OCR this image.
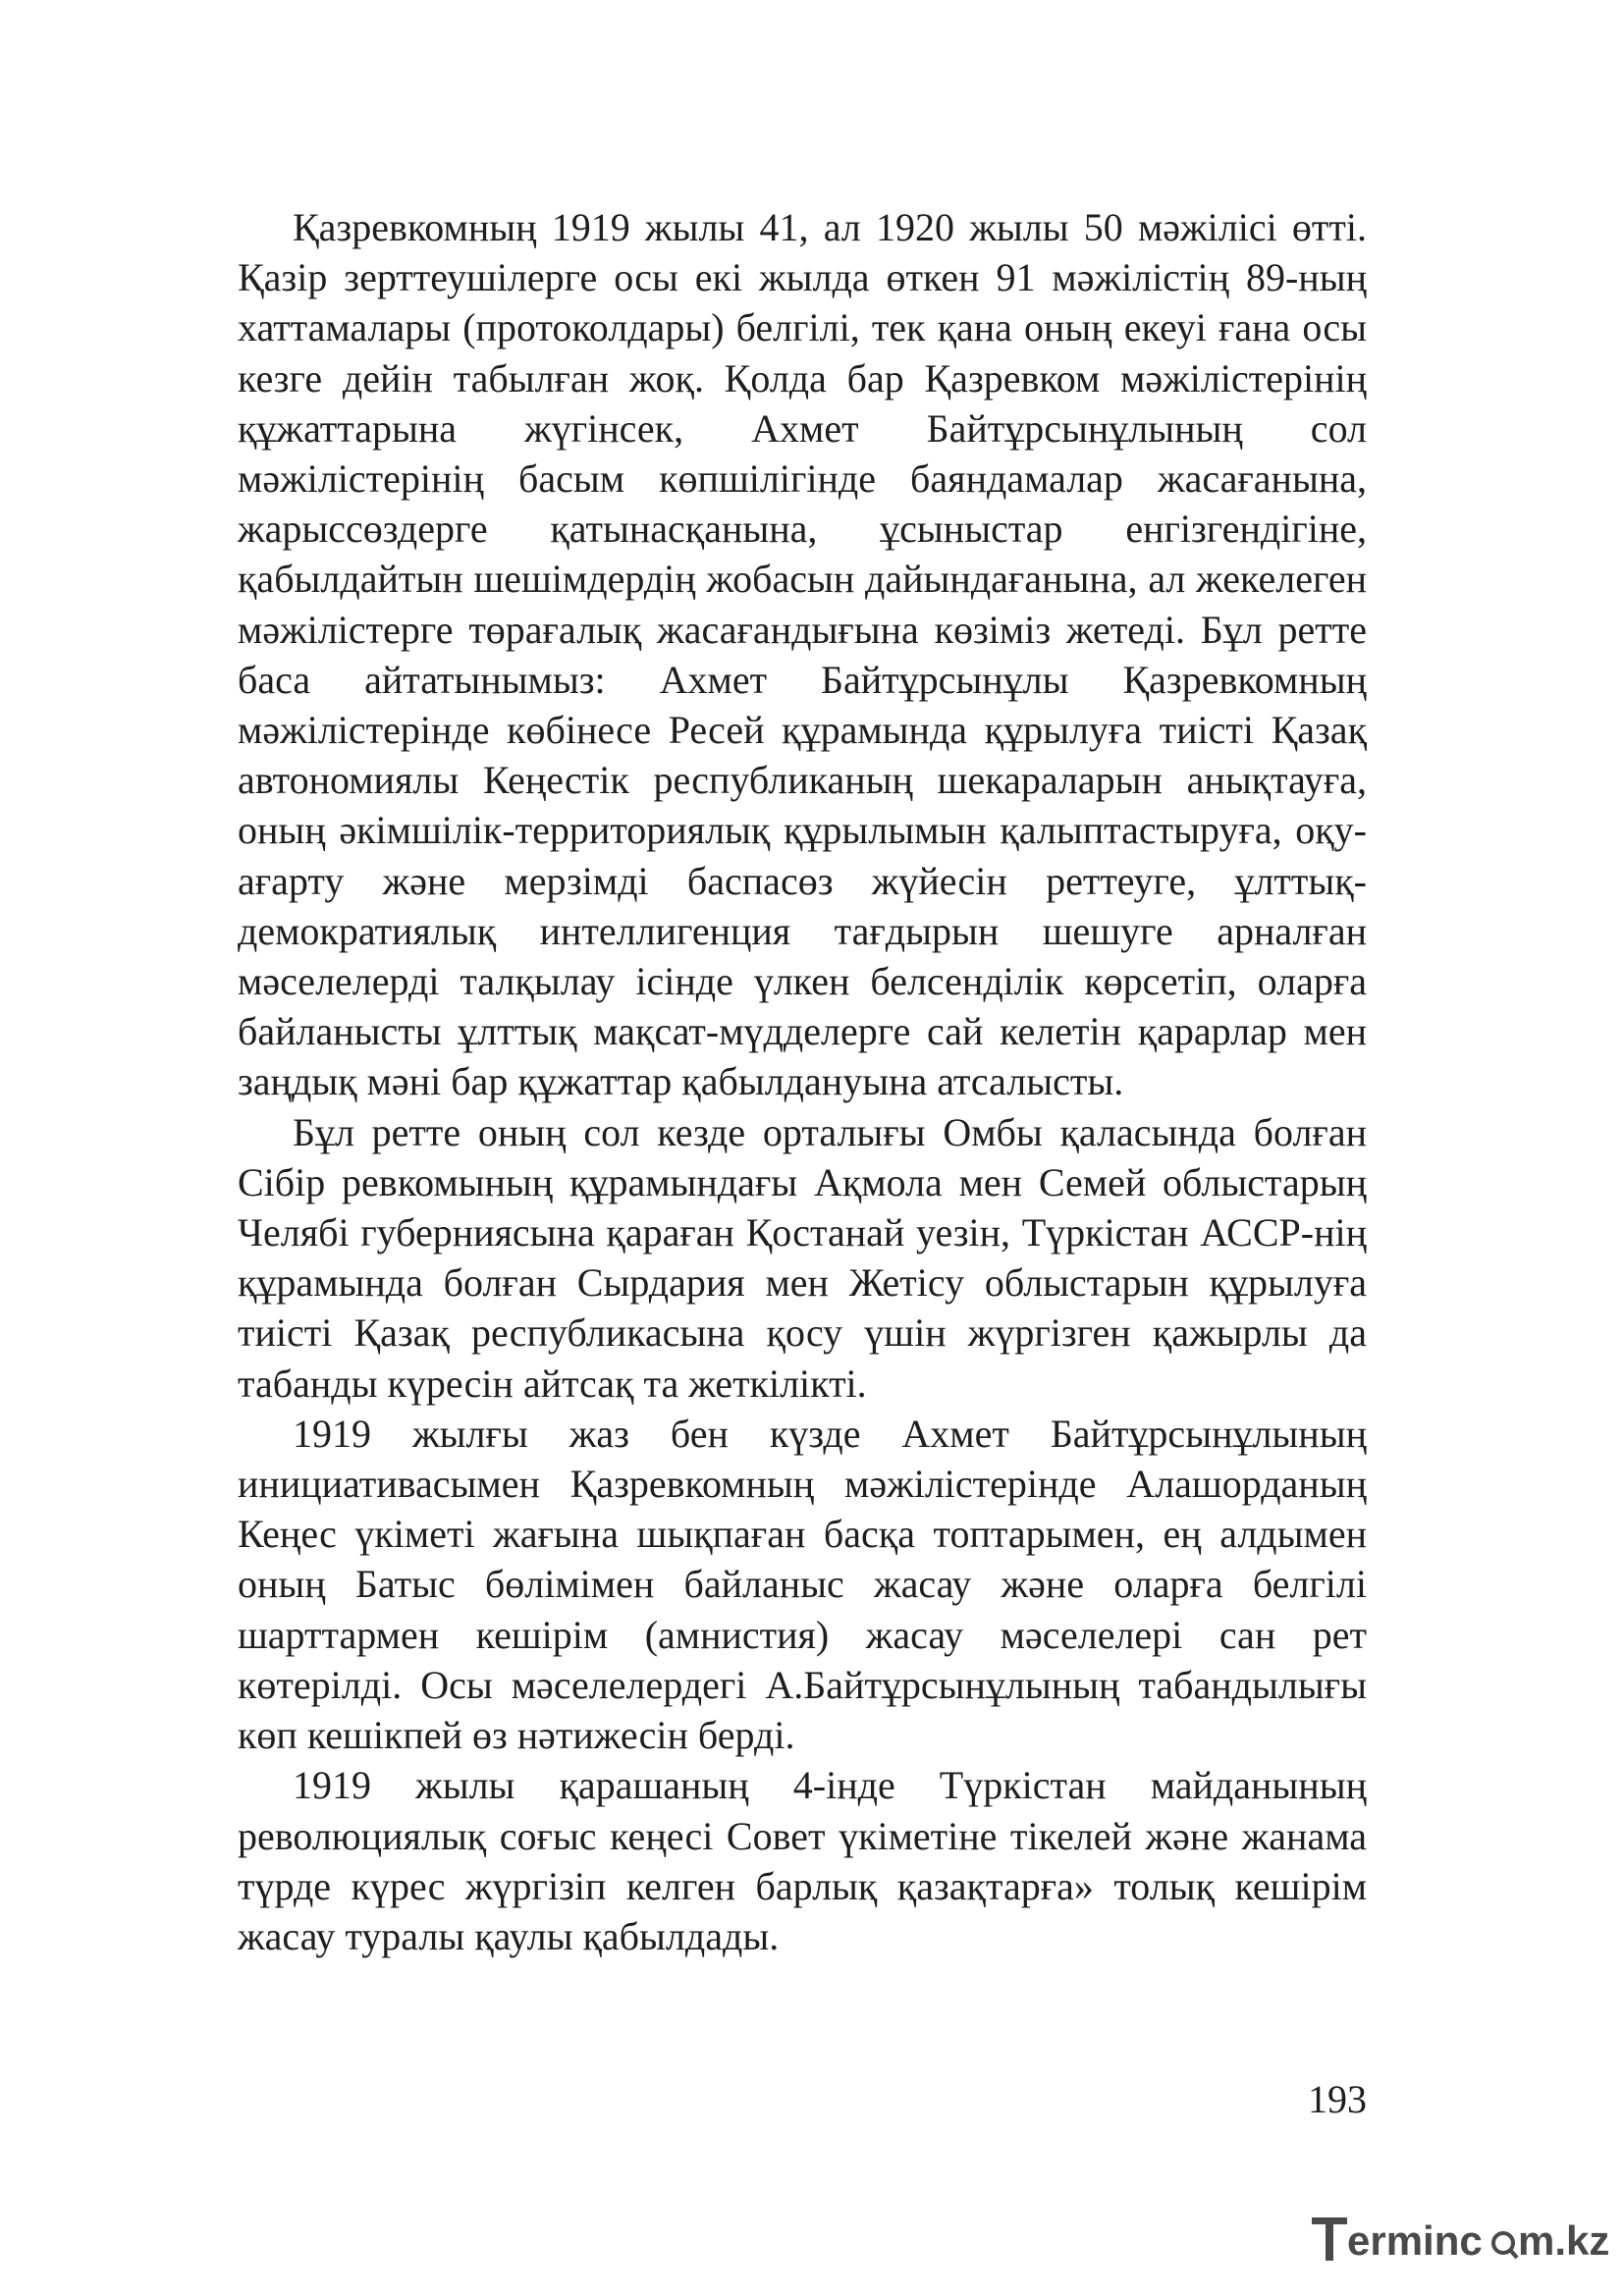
Қазревкомның 1919 жылы 41, ал 1920 жылы 50 мәжілісі өтті. Қазір зерттеушілерге осы екі жылда өткен 91 мәжілістің 89-ның хаттамалары (протоколдары) белгілі, тек қана оның екеуі ғана осы кезге дейін табылған жоқ. Қолда бар Қазревком мәжілістерінің құжаттарына жүгінсек, Ахмет Байтұрсынұлының сол мәжілістерінің басым көпшілігінде баяндамалар жасағанына, жарыссөздерге қатынасқанына, ұсыныстар енгізгендігіне, қабылдайтын шешімдердің жобасын дайындағанына, ал жекелеген мәжілістерге төрағалық жасағандығына көзіміз жетеді. Бұл ретте баса айтатынымыз: Ахмет Байтұрсынұлы Қазревкомның мәжілістерінде көбінесе Ресей құрамында құрылуға тиісті Қазақ автономиялы Кеңестік республиканың шекараларын анықтауға, оның әкімшілік-территориялық құрылымын қалыптастыруға, оқу-ағарту және мерзімді баспасөз жүйесін реттеуге, ұлттық-демократиялық интеллигенция тағдырын шешуге арналған мәселелерді талқылау ісінде үлкен белсенділік көрсетіп, оларға байланысты ұлттық мақсат-мүдделерге сай келетін қарарлар мен заңдық мәні бар құжаттар қабылдануына атсалысты.

Бұл ретте оның сол кезде орталығы Омбы қаласында болған Сібір ревкомының құрамындағы Ақмола мен Семей облыстарың Челябі губерниясына қараған Қостанай уезін, Түркістан АССР-нің құрамында болған Сырдария мен Жетісу облыстарын құрылуға тиісті Қазақ республикасына қосу үшін жүргізген қажырлы да табанды күресін айтсақ та жеткілікті.

1919 жылғы жаз бен күзде Ахмет Байтұрсынұлының инициативасымен Қазревкомның мәжілістерінде Алашорданың Кеңес үкіметі жағына шықпаған басқа топтарымен, ең алдымен оның Батыс бөлімімен байланыс жасау және оларға белгілі шарттармен кешірім (амнистия) жасау мәселелері сан рет көтерілді. Осы мәселелердегі А.Байтұрсынұлының табандылығы көп кешікпей өз нәтижесін берді.

1919 жылы қарашаның 4-інде Түркістан майданының революциялық соғыс кеңесі Совет үкіметіне тікелей және жанама түрде күрес жүргізіп келген барлық қазақтарға» толық кешірім жасау туралы қаулы қабылдады.

193
erminc m.kz
